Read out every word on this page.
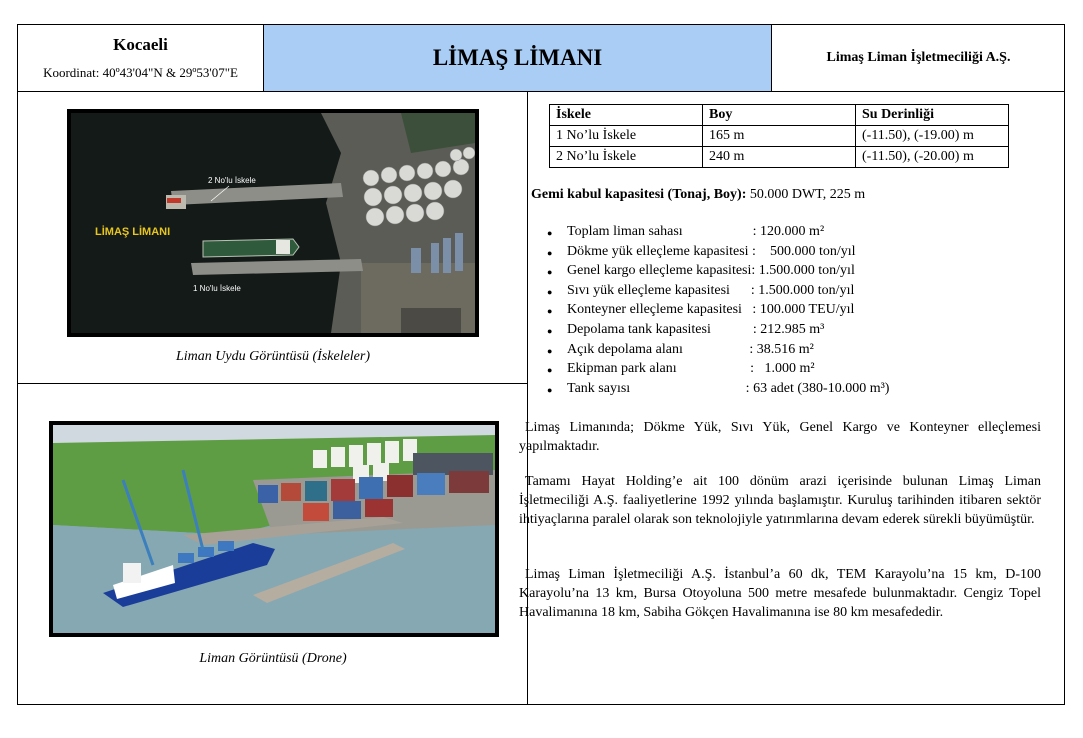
Kocaeli
Koordinat: 40º43'04"N & 29º53'07"E
LİMAŞ LİMANI	Limaş Liman İşletmeciliği A.Ş.
LİMAŞ LİMANI
2 No'lu İskele
1 No'lu İskele
Liman Uydu Görüntüsü (İskeleler)
Liman Görüntüsü (Drone)
İskele	Boy	Su Derinliği
1 No’lu İskele	165 m	(-11.50), (-19.00) m
2 No’lu İskele	240 m	(-11.50), (-20.00) m
Gemi kabul kapasitesi (Tonaj, Boy): 50.000 DWT, 225 m
● Toplam liman sahası                    : 120.000 m²
● Dökme yük elleçleme kapasitesi :    500.000 ton/yıl
● Genel kargo elleçleme kapasitesi: 1.500.000 ton/yıl
● Sıvı yük elleçleme kapasitesi      : 1.500.000 ton/yıl
● Konteyner elleçleme kapasitesi   : 100.000 TEU/yıl
● Depolama tank kapasitesi            : 212.985 m³
● Açık depolama alanı                   : 38.516 m²
● Ekipman park alanı                     :   1.000 m²
● Tank sayısı                                 : 63 adet (380-10.000 m³)
Limaş Limanında; Dökme Yük, Sıvı Yük, Genel Kargo ve Konteyner elleçlemesi yapılmaktadır.
Tamamı Hayat Holding’e ait 100 dönüm arazi içerisinde bulunan Limaş Liman İşletmeciliği A.Ş. faaliyetlerine 1992 yılında başlamıştır. Kuruluş tarihinden itibaren sektör ihtiyaçlarına paralel olarak son teknolojiyle yatırımlarına devam ederek sürekli büyümüştür.
Limaş Liman İşletmeciliği A.Ş. İstanbul’a 60 dk, TEM Karayolu’na 15 km, D-100 Karayolu’na 13 km, Bursa Otoyoluna 500 metre mesafede bulunmaktadır. Cengiz Topel Havalimanına 18 km, Sabiha Gökçen Havalimanına ise 80 km mesafededir.
